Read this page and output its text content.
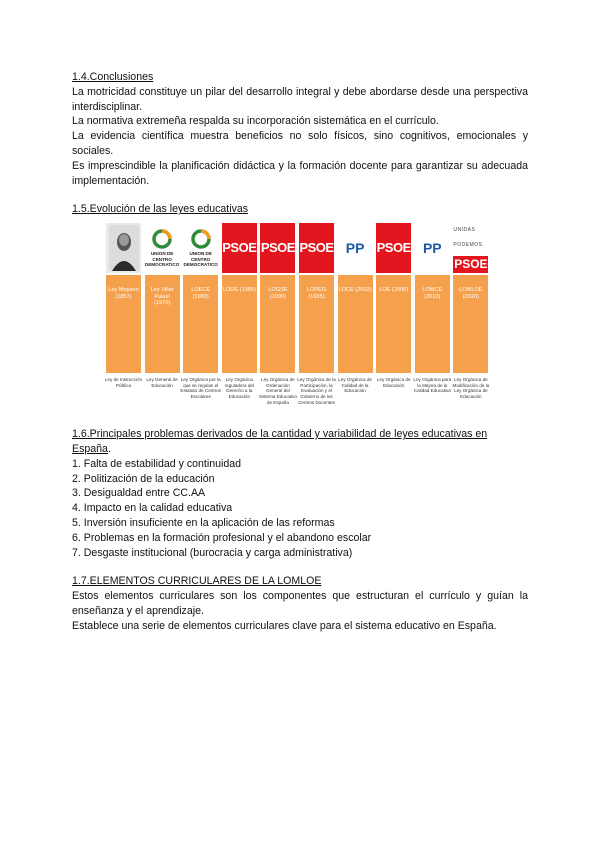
1.4.Conclusiones

La motricidad constituye un pilar del desarrollo integral y debe abordarse desde una perspectiva interdisciplinar.

La normativa extremeña respalda su incorporación sistemática en el currículo.

La evidencia científica muestra beneficios no solo físicos, sino cognitivos, emocionales y sociales.

Es imprescindible la planificación didáctica y la formación docente para garantizar su adecuada implementación.

1.5.Evolución de las leyes educativas

Ley Moyano (1857)
Ley de Instrucción Pública
UNION DE CENTRO DEMOCRATICO
Ley Villar Palasí (1970)
Ley General de Educación
UNION DE CENTRO DEMOCRATICO
LOECE (1980)
Ley Orgánica por la que se regulan el Estatuto de Centros Escolares
PSOE
LODE (1985)
Ley Orgánica reguladora del Derecho a la Educación
PSOE
LOGSE (1990)
Ley Orgánica de Ordenación General del Sistema Educativo de España
PSOE
LOPEG (1995)
Ley Orgánica de la Participación, la Evaluación y el Gobierno de los Centros Docentes
PP
LOCE (2002)
Ley Orgánica de Calidad de la Educación
PSOE
LOE (2006)
Ley Orgánica de Educación
PP
LOMCE (2013)
Ley Orgánica para la Mejora de la Calidad Educativa
UNIDAS PODEMOS
PSOE
LOMLOE (2020)
Ley Orgánica de Modificación de la Ley Orgánica de Educación

1.6.Principales problemas derivados de la cantidad y variabilidad de leyes educativas en
España.

1. Falta de estabilidad y continuidad

2. Politización de la educación

3. Desigualdad entre CC.AA

4. Impacto en la calidad educativa

5. Inversión insuficiente en la aplicación de las reformas

6. Problemas en la formación profesional y el abandono escolar

7. Desgaste institucional (burocracia y carga administrativa)

1.7.ELEMENTOS CURRICULARES DE LA LOMLOE

Estos elementos curriculares son los componentes que estructuran el currículo y guían la enseñanza y el aprendizaje.

Establece una serie de elementos curriculares clave para el sistema educativo en España.
